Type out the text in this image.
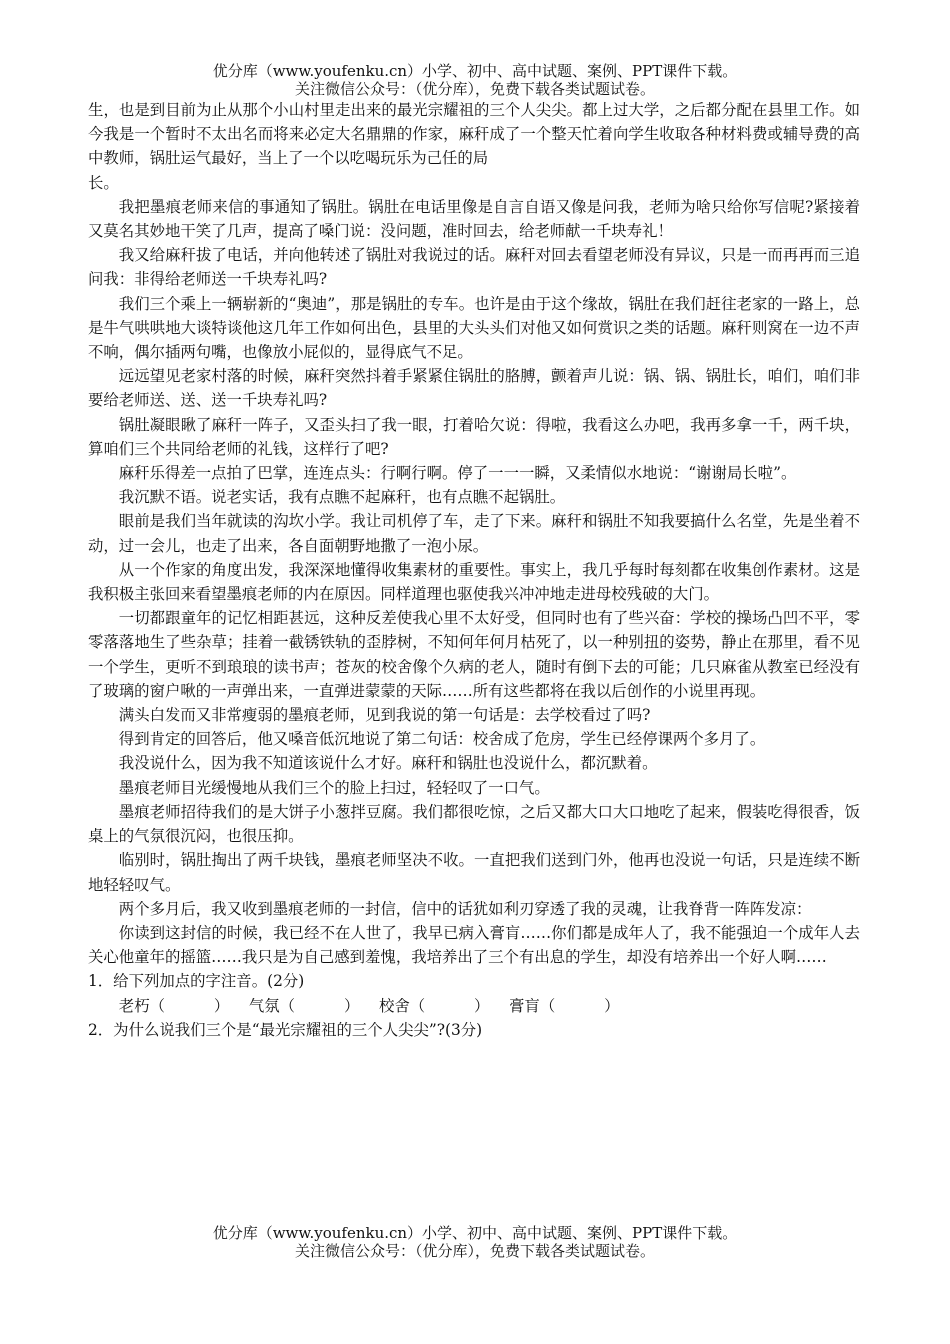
优分库（www.youfenku.cn）小学、初中、高中试题、案例、PPT课件下载。
关注微信公众号：（优分库），免费下载各类试题试卷。

生，也是到目前为止从那个小山村里走出来的最光宗耀祖的三个人尖尖。都上过大学，之后都分配在县里工作。如今我是一个暂时不太出名而将来必定大名鼎鼎的作家，麻秆成了一个整天忙着向学生收取各种材料费或辅导费的高中教师，锅肚运气最好，当上了一个以吃喝玩乐为己任的局

长。

我把墨痕老师来信的事通知了锅肚。锅肚在电话里像是自言自语又像是问我，老师为啥只给你写信呢?紧接着又莫名其妙地干笑了几声，提高了嗓门说：没问题，准时回去，给老师献一千块寿礼！

我又给麻秆拔了电话，并向他转述了锅肚对我说过的话。麻秆对回去看望老师没有异议，只是一而再再而三追问我：非得给老师送一千块寿礼吗?

我们三个乘上一辆崭新的“奥迪”，那是锅肚的专车。也许是由于这个缘故，锅肚在我们赶往老家的一路上，总是牛气哄哄地大谈特谈他这几年工作如何出色，县里的大头头们对他又如何赏识之类的话题。麻秆则窝在一边不声不响，偶尔插两句嘴，也像放小屁似的，显得底气不足。

远远望见老家村落的时候，麻秆突然抖着手紧紧住锅肚的胳膊，颤着声儿说：锅、锅、锅肚长，咱们，咱们非要给老师送、送、送一千块寿礼吗?

锅肚凝眼瞅了麻秆一阵子，又歪头扫了我一眼，打着哈欠说：得啦，我看这么办吧，我再多拿一千，两千块，算咱们三个共同给老师的礼钱，这样行了吧?

麻秆乐得差一点拍了巴掌，连连点头：行啊行啊。停了一一一瞬，又柔情似水地说：“谢谢局长啦”。

我沉默不语。说老实话，我有点瞧不起麻秆，也有点瞧不起锅肚。

眼前是我们当年就读的沟坎小学。我让司机停了车，走了下来。麻秆和锅肚不知我要搞什么名堂，先是坐着不动，过一会儿，也走了出来，各自面朝野地撒了一泡小尿。

从一个作家的角度出发，我深深地懂得收集素材的重要性。事实上，我几乎每时每刻都在收集创作素材。这是我积极主张回来看望墨痕老师的内在原因。同样道理也驱使我兴冲冲地走进母校残破的大门。

一切都跟童年的记忆相距甚远，这种反差使我心里不太好受，但同时也有了些兴奋：学校的操场凸凹不平，零零落落地生了些杂草；挂着一截锈铁轨的歪脖树，不知何年何月枯死了，以一种别扭的姿势，静止在那里，看不见一个学生，更听不到琅琅的读书声；苍灰的校舍像个久病的老人，随时有倒下去的可能；几只麻雀从教室已经没有了玻璃的窗户啾的一声弹出来，一直弹进蒙蒙的天际……所有这些都将在我以后创作的小说里再现。

满头白发而又非常瘦弱的墨痕老师，见到我说的第一句话是：去学校看过了吗?

得到肯定的回答后，他又嗓音低沉地说了第二句话：校舍成了危房，学生已经停课两个多月了。

我没说什么，因为我不知道该说什么才好。麻秆和锅肚也没说什么，都沉默着。

墨痕老师目光缓慢地从我们三个的脸上扫过，轻轻叹了一口气。

墨痕老师招待我们的是大饼子小葱拌豆腐。我们都很吃惊，之后又都大口大口地吃了起来，假装吃得很香，饭桌上的气氛很沉闷，也很压抑。

临别时，锅肚掏出了两千块钱，墨痕老师坚决不收。一直把我们送到门外，他再也没说一句话，只是连续不断地轻轻叹气。

两个多月后，我又收到墨痕老师的一封信，信中的话犹如利刃穿透了我的灵魂，让我脊背一阵阵发凉：

你读到这封信的时候，我已经不在人世了，我早已病入膏肓……你们都是成年人了，我不能强迫一个成年人去关心他童年的摇篮……我只是为自己感到羞愧，我培养出了三个有出息的学生，却没有培养出一个好人啊……

1．给下列加点的字注音。(2分)

老朽（          ） 气氛（          ） 校舍（          ） 膏肓（          ）

2．为什么说我们三个是“最光宗耀祖的三个人尖尖”?(3分)

优分库（www.youfenku.cn）小学、初中、高中试题、案例、PPT课件下载。
关注微信公众号：（优分库），免费下载各类试题试卷。
